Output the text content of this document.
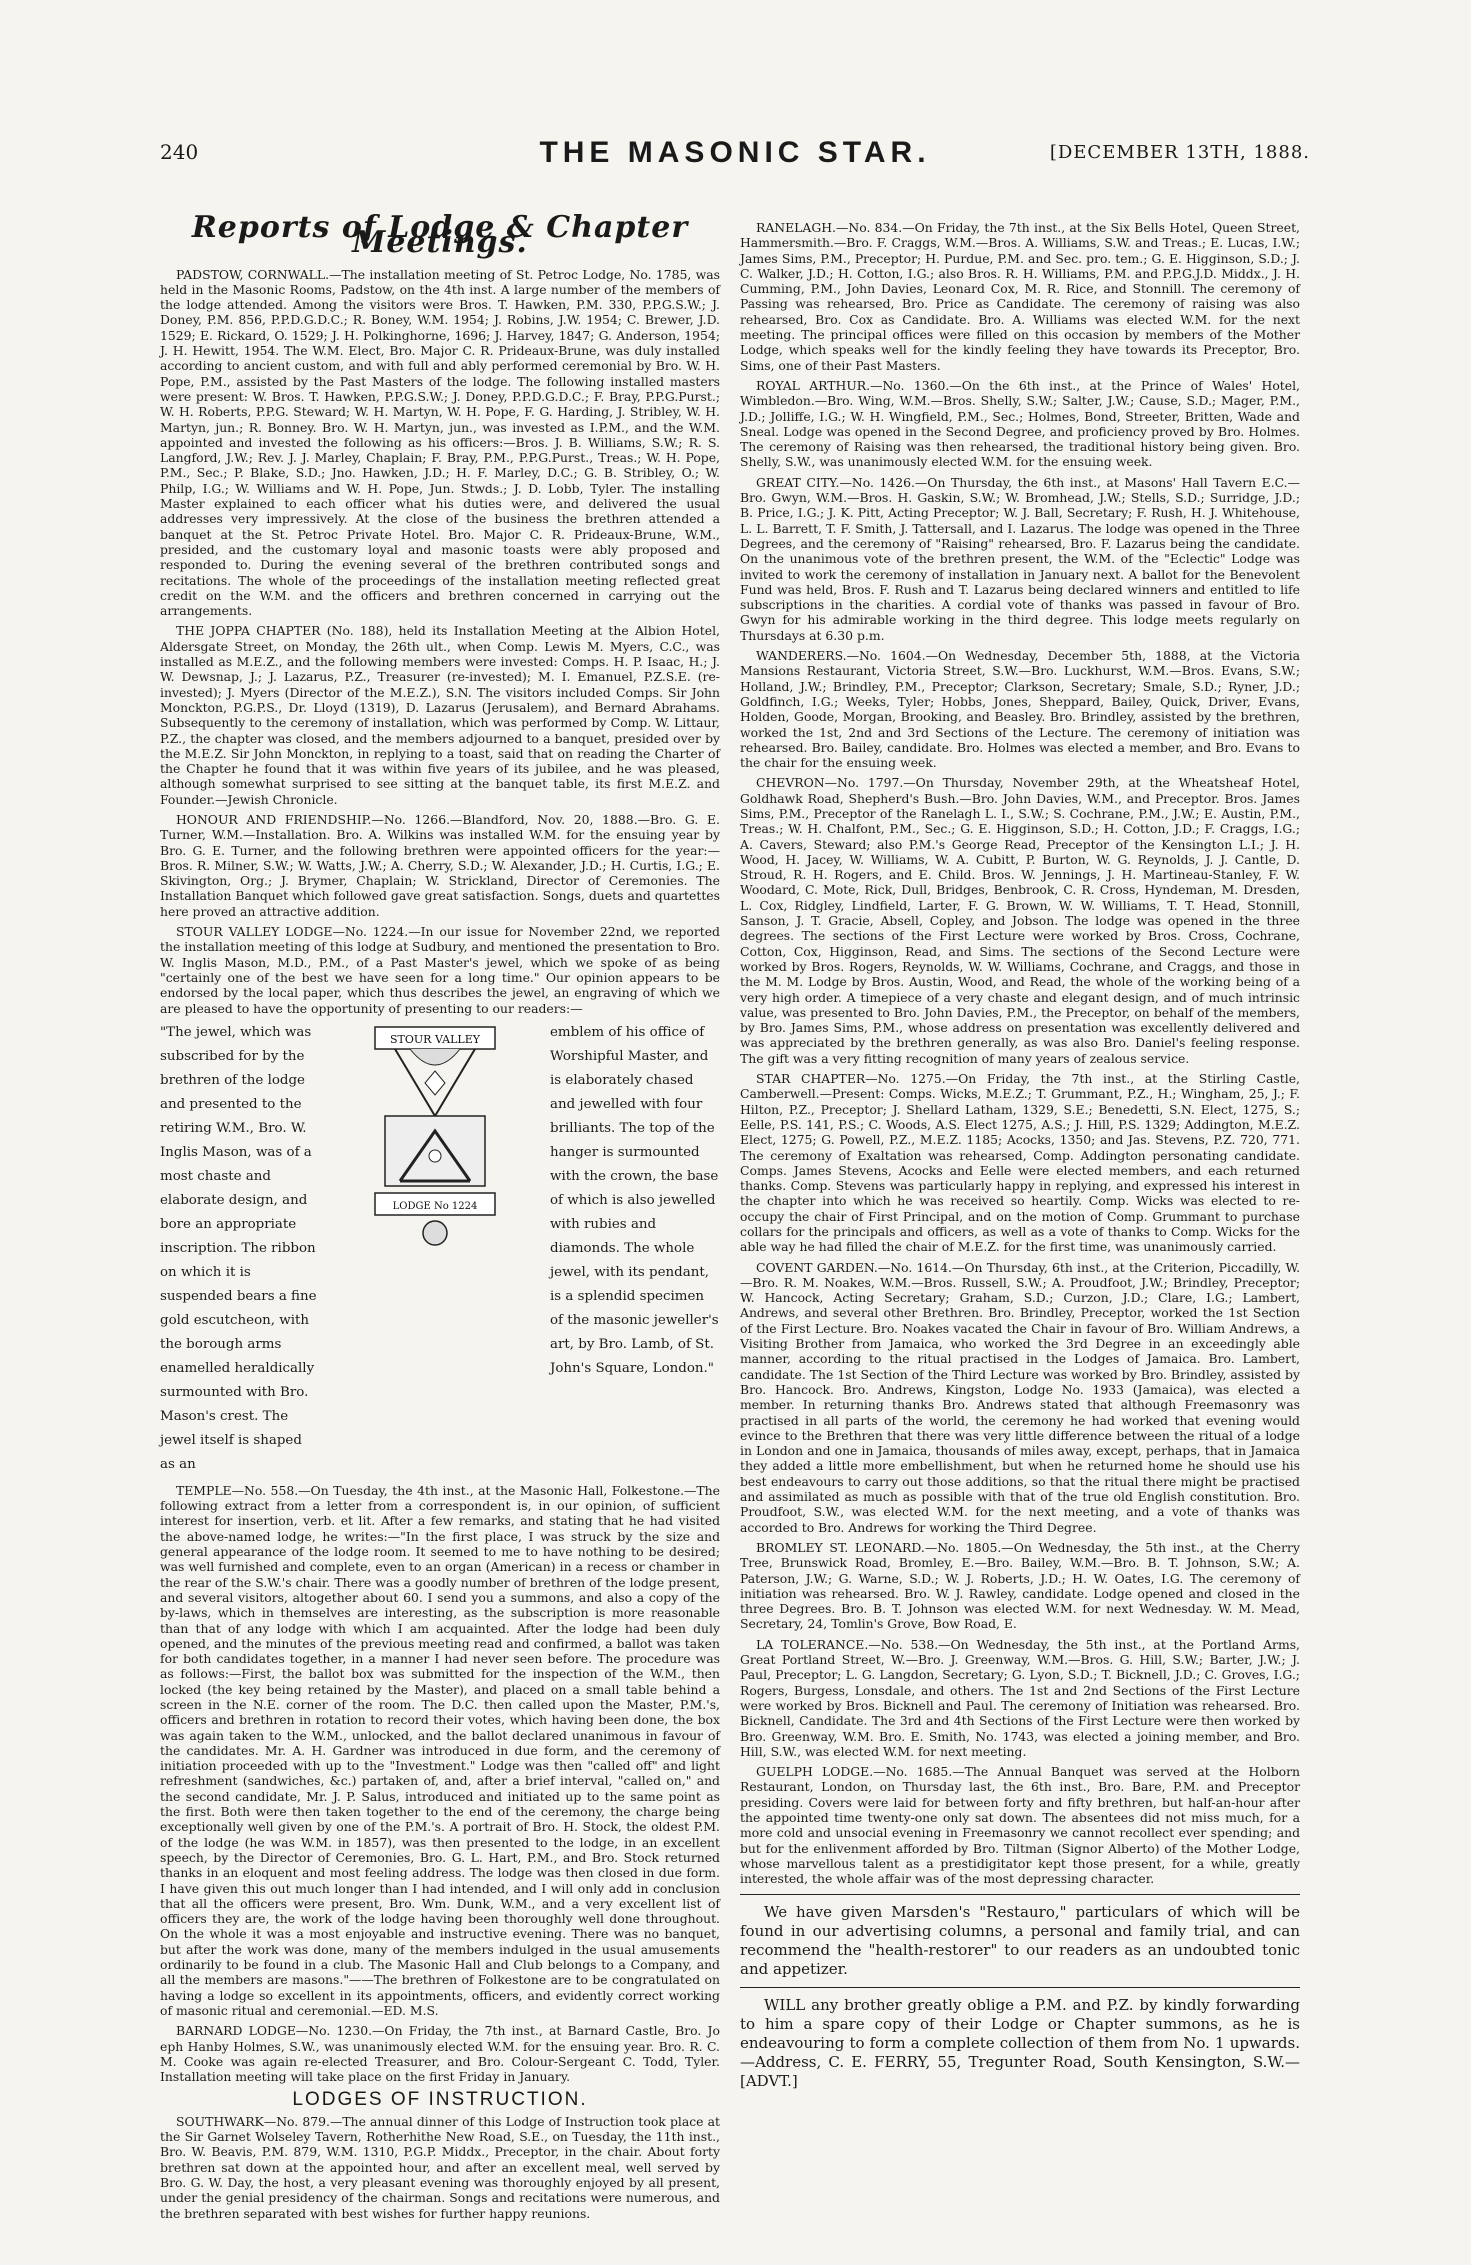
240	THE MASONIC STAR.	[DECEMBER 13TH, 1888.
Reports of Lodge & Chapter Meetings.

PADSTOW, CORNWALL.—The installation meeting of St. Petroc Lodge, No. 1785, was held in the Masonic Rooms, Padstow, on the 4th inst. A large number of the members of the lodge attended. Among the visitors were Bros. T. Hawken, P.M. 330, P.P.G.S.W.; J. Doney, P.M. 856, P.P.D.G.D.C.; R. Boney, W.M. 1954; J. Robins, J.W. 1954; C. Brewer, J.D. 1529; E. Rickard, O. 1529; J. H. Polkinghorne, 1696; J. Harvey, 1847; G. Anderson, 1954; J. H. Hewitt, 1954. The W.M. Elect, Bro. Major C. R. Prideaux-Brune, was duly installed according to ancient custom, and with full and ably performed ceremonial by Bro. W. H. Pope, P.M., assisted by the Past Masters of the lodge. The following installed masters were present: W. Bros. T. Hawken, P.P.G.S.W.; J. Doney, P.P.D.G.D.C.; F. Bray, P.P.G.Purst.; W. H. Roberts, P.P.G. Steward; W. H. Martyn, W. H. Pope, F. G. Harding, J. Stribley, W. H. Martyn, jun.; R. Bonney. Bro. W. H. Martyn, jun., was invested as I.P.M., and the W.M. appointed and invested the following as his officers:—Bros. J. B. Williams, S.W.; R. S. Langford, J.W.; Rev. J. J. Marley, Chaplain; F. Bray, P.M., P.P.G.Purst., Treas.; W. H. Pope, P.M., Sec.; P. Blake, S.D.; Jno. Hawken, J.D.; H. F. Marley, D.C.; G. B. Stribley, O.; W. Philp, I.G.; W. Williams and W. H. Pope, Jun. Stwds.; J. D. Lobb, Tyler. The installing Master explained to each officer what his duties were, and delivered the usual addresses very impressively. At the close of the business the brethren attended a banquet at the St. Petroc Private Hotel. Bro. Major C. R. Prideaux-Brune, W.M., presided, and the customary loyal and masonic toasts were ably proposed and responded to. During the evening several of the brethren contributed songs and recitations. The whole of the proceedings of the installation meeting reflected great credit on the W.M. and the officers and brethren concerned in carrying out the arrangements.

THE JOPPA CHAPTER (No. 188), held its Installation Meeting at the Albion Hotel, Aldersgate Street, on Monday, the 26th ult., when Comp. Lewis M. Myers, C.C., was installed as M.E.Z., and the following members were invested: Comps. H. P. Isaac, H.; J. W. Dewsnap, J.; J. Lazarus, P.Z., Treasurer (re-invested); M. I. Emanuel, P.Z.S.E. (re-invested); J. Myers (Director of the M.E.Z.), S.N. The visitors included Comps. Sir John Monckton, P.G.P.S., Dr. Lloyd (1319), D. Lazarus (Jerusalem), and Bernard Abrahams. Subsequently to the ceremony of installation, which was performed by Comp. W. Littaur, P.Z., the chapter was closed, and the members adjourned to a banquet, presided over by the M.E.Z. Sir John Monckton, in replying to a toast, said that on reading the Charter of the Chapter he found that it was within five years of its jubilee, and he was pleased, although somewhat surprised to see sitting at the banquet table, its first M.E.Z. and Founder.—Jewish Chronicle.

HONOUR AND FRIENDSHIP.—No. 1266.—Blandford, Nov. 20, 1888.—Bro. G. E. Turner, W.M.—Installation. Bro. A. Wilkins was installed W.M. for the ensuing year by Bro. G. E. Turner, and the following brethren were appointed officers for the year:—Bros. R. Milner, S.W.; W. Watts, J.W.; A. Cherry, S.D.; W. Alexander, J.D.; H. Curtis, I.G.; E. Skivington, Org.; J. Brymer, Chaplain; W. Strickland, Director of Ceremonies. The Installation Banquet which followed gave great satisfaction. Songs, duets and quartettes here proved an attractive addition.

STOUR VALLEY LODGE—No. 1224.—In our issue for November 22nd, we reported the installation meeting of this lodge at Sudbury, and mentioned the presentation to Bro. W. Inglis Mason, M.D., P.M., of a Past Master's jewel, which we spoke of as being "certainly one of the best we have seen for a long time." Our opinion appears to be endorsed by the local paper, which thus describes the jewel, an engraving of which we are pleased to have the opportunity of presenting to our readers:—

"The jewel, which was subscribed for by the brethren of the lodge and presented to the retiring W.M., Bro. W. Inglis Mason, was of a most chaste and elaborate design, and bore an appropriate inscription. The ribbon on which it is suspended bears a fine gold escutcheon, with the borough arms enamelled heraldically surmounted with Bro. Mason's crest. The jewel itself is shaped as an
STOUR VALLEY
LODGE No 1224
emblem of his office of Worshipful Master, and is elaborately chased and jewelled with four brilliants. The top of the hanger is surmounted with the crown, the base of which is also jewelled with rubies and diamonds. The whole jewel, with its pendant, is a splendid specimen of the masonic jeweller's art, by Bro. Lamb, of St. John's Square, London."

TEMPLE—No. 558.—On Tuesday, the 4th inst., at the Masonic Hall, Folkestone.—The following extract from a letter from a correspondent is, in our opinion, of sufficient interest for insertion, verb. et lit. After a few remarks, and stating that he had visited the above-named lodge, he writes:—"In the first place, I was struck by the size and general appearance of the lodge room. It seemed to me to have nothing to be desired; was well furnished and complete, even to an organ (American) in a recess or chamber in the rear of the S.W.'s chair. There was a goodly number of brethren of the lodge present, and several visitors, altogether about 60. I send you a summons, and also a copy of the by-laws, which in themselves are interesting, as the subscription is more reasonable than that of any lodge with which I am acquainted. After the lodge had been duly opened, and the minutes of the previous meeting read and confirmed, a ballot was taken for both candidates together, in a manner I had never seen before. The procedure was as follows:—First, the ballot box was submitted for the inspection of the W.M., then locked (the key being retained by the Master), and placed on a small table behind a screen in the N.E. corner of the room. The D.C. then called upon the Master, P.M.'s, officers and brethren in rotation to record their votes, which having been done, the box was again taken to the W.M., unlocked, and the ballot declared unanimous in favour of the candidates. Mr. A. H. Gardner was introduced in due form, and the ceremony of initiation proceeded with up to the "Investment." Lodge was then "called off" and light refreshment (sandwiches, &c.) partaken of, and, after a brief interval, "called on," and the second candidate, Mr. J. P. Salus, introduced and initiated up to the same point as the first. Both were then taken together to the end of the ceremony, the charge being exceptionally well given by one of the P.M.'s. A portrait of Bro. H. Stock, the oldest P.M. of the lodge (he was W.M. in 1857), was then presented to the lodge, in an excellent speech, by the Director of Ceremonies, Bro. G. L. Hart, P.M., and Bro. Stock returned thanks in an eloquent and most feeling address. The lodge was then closed in due form. I have given this out much longer than I had intended, and I will only add in conclusion that all the officers were present, Bro. Wm. Dunk, W.M., and a very excellent list of officers they are, the work of the lodge having been thoroughly well done throughout. On the whole it was a most enjoyable and instructive evening. There was no banquet, but after the work was done, many of the members indulged in the usual amusements ordinarily to be found in a club. The Masonic Hall and Club belongs to a Company, and all the members are masons."——The brethren of Folkestone are to be congratulated on having a lodge so excellent in its appointments, officers, and evidently correct working of masonic ritual and ceremonial.—ED. M.S.

BARNARD LODGE—No. 1230.—On Friday, the 7th inst., at Barnard Castle, Bro. Jo eph Hanby Holmes, S.W., was unanimously elected W.M. for the ensuing year. Bro. R. C. M. Cooke was again re-elected Treasurer, and Bro. Colour-Sergeant C. Todd, Tyler. Installation meeting will take place on the first Friday in January.

LODGES OF INSTRUCTION.

SOUTHWARK—No. 879.—The annual dinner of this Lodge of Instruction took place at the Sir Garnet Wolseley Tavern, Rotherhithe New Road, S.E., on Tuesday, the 11th inst., Bro. W. Beavis, P.M. 879, W.M. 1310, P.G.P. Middx., Preceptor, in the chair. About forty brethren sat down at the appointed hour, and after an excellent meal, well served by Bro. G. W. Day, the host, a very pleasant evening was thoroughly enjoyed by all present, under the genial presidency of the chairman. Songs and recitations were numerous, and the brethren separated with best wishes for further happy reunions.

RANELAGH.—No. 834.—On Friday, the 7th inst., at the Six Bells Hotel, Queen Street, Hammersmith.—Bro. F. Craggs, W.M.—Bros. A. Williams, S.W. and Treas.; E. Lucas, I.W.; James Sims, P.M., Preceptor; H. Purdue, P.M. and Sec. pro. tem.; G. E. Higginson, S.D.; J. C. Walker, J.D.; H. Cotton, I.G.; also Bros. R. H. Williams, P.M. and P.P.G.J.D. Middx., J. H. Cumming, P.M., John Davies, Leonard Cox, M. R. Rice, and Stonnill. The ceremony of Passing was rehearsed, Bro. Price as Candidate. The ceremony of raising was also rehearsed, Bro. Cox as Candidate. Bro. A. Williams was elected W.M. for the next meeting. The principal offices were filled on this occasion by members of the Mother Lodge, which speaks well for the kindly feeling they have towards its Preceptor, Bro. Sims, one of their Past Masters.

ROYAL ARTHUR.—No. 1360.—On the 6th inst., at the Prince of Wales' Hotel, Wimbledon.—Bro. Wing, W.M.—Bros. Shelly, S.W.; Salter, J.W.; Cause, S.D.; Mager, P.M., J.D.; Jolliffe, I.G.; W. H. Wingfield, P.M., Sec.; Holmes, Bond, Streeter, Britten, Wade and Sneal. Lodge was opened in the Second Degree, and proficiency proved by Bro. Holmes. The ceremony of Raising was then rehearsed, the traditional history being given. Bro. Shelly, S.W., was unanimously elected W.M. for the ensuing week.

GREAT CITY.—No. 1426.—On Thursday, the 6th inst., at Masons' Hall Tavern E.C.—Bro. Gwyn, W.M.—Bros. H. Gaskin, S.W.; W. Bromhead, J.W.; Stells, S.D.; Surridge, J.D.; B. Price, I.G.; J. K. Pitt, Acting Preceptor; W. J. Ball, Secretary; F. Rush, H. J. Whitehouse, L. L. Barrett, T. F. Smith, J. Tattersall, and I. Lazarus. The lodge was opened in the Three Degrees, and the ceremony of "Raising" rehearsed, Bro. F. Lazarus being the candidate. On the unanimous vote of the brethren present, the W.M. of the "Eclectic" Lodge was invited to work the ceremony of installation in January next. A ballot for the Benevolent Fund was held, Bros. F. Rush and T. Lazarus being declared winners and entitled to life subscriptions in the charities. A cordial vote of thanks was passed in favour of Bro. Gwyn for his admirable working in the third degree. This lodge meets regularly on Thursdays at 6.30 p.m.

WANDERERS.—No. 1604.—On Wednesday, December 5th, 1888, at the Victoria Mansions Restaurant, Victoria Street, S.W.—Bro. Luckhurst, W.M.—Bros. Evans, S.W.; Holland, J.W.; Brindley, P.M., Preceptor; Clarkson, Secretary; Smale, S.D.; Ryner, J.D.; Goldfinch, I.G.; Weeks, Tyler; Hobbs, Jones, Sheppard, Bailey, Quick, Driver, Evans, Holden, Goode, Morgan, Brooking, and Beasley. Bro. Brindley, assisted by the brethren, worked the 1st, 2nd and 3rd Sections of the Lecture. The ceremony of initiation was rehearsed. Bro. Bailey, candidate. Bro. Holmes was elected a member, and Bro. Evans to the chair for the ensuing week.

CHEVRON—No. 1797.—On Thursday, November 29th, at the Wheatsheaf Hotel, Goldhawk Road, Shepherd's Bush.—Bro. John Davies, W.M., and Preceptor. Bros. James Sims, P.M., Preceptor of the Ranelagh L. I., S.W.; S. Cochrane, P.M., J.W.; E. Austin, P.M., Treas.; W. H. Chalfont, P.M., Sec.; G. E. Higginson, S.D.; H. Cotton, J.D.; F. Craggs, I.G.; A. Cavers, Steward; also P.M.'s George Read, Preceptor of the Kensington L.I.; J. H. Wood, H. Jacey, W. Williams, W. A. Cubitt, P. Burton, W. G. Reynolds, J. J. Cantle, D. Stroud, R. H. Rogers, and E. Child. Bros. W. Jennings, J. H. Martineau-Stanley, F. W. Woodard, C. Mote, Rick, Dull, Bridges, Benbrook, C. R. Cross, Hyndeman, M. Dresden, L. Cox, Ridgley, Lindfield, Larter, F. G. Brown, W. W. Williams, T. T. Head, Stonnill, Sanson, J. T. Gracie, Absell, Copley, and Jobson. The lodge was opened in the three degrees. The sections of the First Lecture were worked by Bros. Cross, Cochrane, Cotton, Cox, Higginson, Read, and Sims. The sections of the Second Lecture were worked by Bros. Rogers, Reynolds, W. W. Williams, Cochrane, and Craggs, and those in the M. M. Lodge by Bros. Austin, Wood, and Read, the whole of the working being of a very high order. A timepiece of a very chaste and elegant design, and of much intrinsic value, was presented to Bro. John Davies, P.M., the Preceptor, on behalf of the members, by Bro. James Sims, P.M., whose address on presentation was excellently delivered and was appreciated by the brethren generally, as was also Bro. Daniel's feeling response. The gift was a very fitting recognition of many years of zealous service.

STAR CHAPTER—No. 1275.—On Friday, the 7th inst., at the Stirling Castle, Camberwell.—Present: Comps. Wicks, M.E.Z.; T. Grummant, P.Z., H.; Wingham, 25, J.; F. Hilton, P.Z., Preceptor; J. Shellard Latham, 1329, S.E.; Benedetti, S.N. Elect, 1275, S.; Eelle, P.S. 141, P.S.; C. Woods, A.S. Elect 1275, A.S.; J. Hill, P.S. 1329; Addington, M.E.Z. Elect, 1275; G. Powell, P.Z., M.E.Z. 1185; Acocks, 1350; and Jas. Stevens, P.Z. 720, 771. The ceremony of Exaltation was rehearsed, Comp. Addington personating candidate. Comps. James Stevens, Acocks and Eelle were elected members, and each returned thanks. Comp. Stevens was particularly happy in replying, and expressed his interest in the chapter into which he was received so heartily. Comp. Wicks was elected to re-occupy the chair of First Principal, and on the motion of Comp. Grummant to purchase collars for the principals and officers, as well as a vote of thanks to Comp. Wicks for the able way he had filled the chair of M.E.Z. for the first time, was unanimously carried.

COVENT GARDEN.—No. 1614.—On Thursday, 6th inst., at the Criterion, Piccadilly, W.—Bro. R. M. Noakes, W.M.—Bros. Russell, S.W.; A. Proudfoot, J.W.; Brindley, Preceptor; W. Hancock, Acting Secretary; Graham, S.D.; Curzon, J.D.; Clare, I.G.; Lambert, Andrews, and several other Brethren. Bro. Brindley, Preceptor, worked the 1st Section of the First Lecture. Bro. Noakes vacated the Chair in favour of Bro. William Andrews, a Visiting Brother from Jamaica, who worked the 3rd Degree in an exceedingly able manner, according to the ritual practised in the Lodges of Jamaica. Bro. Lambert, candidate. The 1st Section of the Third Lecture was worked by Bro. Brindley, assisted by Bro. Hancock. Bro. Andrews, Kingston, Lodge No. 1933 (Jamaica), was elected a member. In returning thanks Bro. Andrews stated that although Freemasonry was practised in all parts of the world, the ceremony he had worked that evening would evince to the Brethren that there was very little difference between the ritual of a lodge in London and one in Jamaica, thousands of miles away, except, perhaps, that in Jamaica they added a little more embellishment, but when he returned home he should use his best endeavours to carry out those additions, so that the ritual there might be practised and assimilated as much as possible with that of the true old English constitution. Bro. Proudfoot, S.W., was elected W.M. for the next meeting, and a vote of thanks was accorded to Bro. Andrews for working the Third Degree.

BROMLEY ST. LEONARD.—No. 1805.—On Wednesday, the 5th inst., at the Cherry Tree, Brunswick Road, Bromley, E.—Bro. Bailey, W.M.—Bro. B. T. Johnson, S.W.; A. Paterson, J.W.; G. Warne, S.D.; W. J. Roberts, J.D.; H. W. Oates, I.G. The ceremony of initiation was rehearsed. Bro. W. J. Rawley, candidate. Lodge opened and closed in the three Degrees. Bro. B. T. Johnson was elected W.M. for next Wednesday. W. M. Mead, Secretary, 24, Tomlin's Grove, Bow Road, E.

LA TOLERANCE.—No. 538.—On Wednesday, the 5th inst., at the Portland Arms, Great Portland Street, W.—Bro. J. Greenway, W.M.—Bros. G. Hill, S.W.; Barter, J.W.; J. Paul, Preceptor; L. G. Langdon, Secretary; G. Lyon, S.D.; T. Bicknell, J.D.; C. Groves, I.G.; Rogers, Burgess, Lonsdale, and others. The 1st and 2nd Sections of the First Lecture were worked by Bros. Bicknell and Paul. The ceremony of Initiation was rehearsed. Bro. Bicknell, Candidate. The 3rd and 4th Sections of the First Lecture were then worked by Bro. Greenway, W.M. Bro. E. Smith, No. 1743, was elected a joining member, and Bro. Hill, S.W., was elected W.M. for next meeting.

GUELPH LODGE.—No. 1685.—The Annual Banquet was served at the Holborn Restaurant, London, on Thursday last, the 6th inst., Bro. Bare, P.M. and Preceptor presiding. Covers were laid for between forty and fifty brethren, but half-an-hour after the appointed time twenty-one only sat down. The absentees did not miss much, for a more cold and unsocial evening in Freemasonry we cannot recollect ever spending; and but for the enlivenment afforded by Bro. Tiltman (Signor Alberto) of the Mother Lodge, whose marvellous talent as a prestidigitator kept those present, for a while, greatly interested, the whole affair was of the most depressing character.

We have given Marsden's "Restauro," particulars of which will be found in our advertising columns, a personal and family trial, and can recommend the "health-restorer" to our readers as an undoubted tonic and appetizer.

WILL any brother greatly oblige a P.M. and P.Z. by kindly forwarding to him a spare copy of their Lodge or Chapter summons, as he is endeavouring to form a complete collection of them from No. 1 upwards.—Address, C. E. FERRY, 55, Tregunter Road, South Kensington, S.W.—[ADVT.]
